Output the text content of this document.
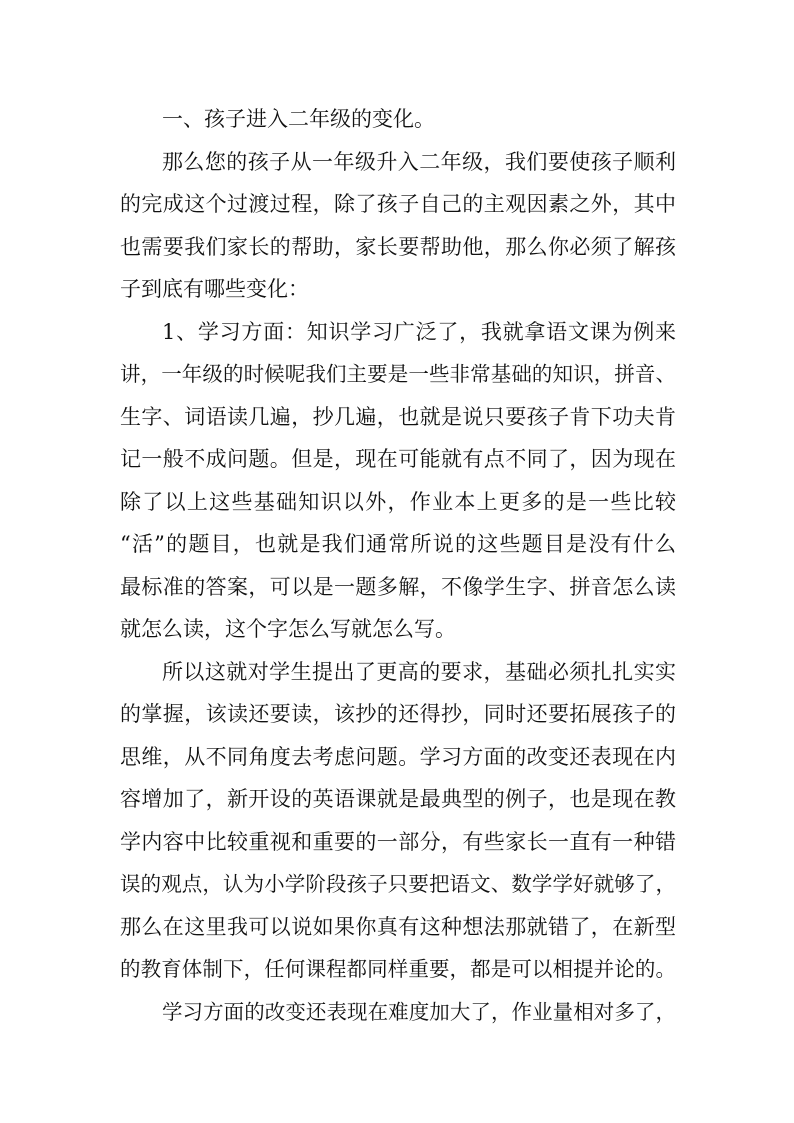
一、孩子进入二年级的变化。
那么您的孩子从一年级升入二年级，我们要使孩子顺利
的完成这个过渡过程，除了孩子自己的主观因素之外，其中
也需要我们家长的帮助，家长要帮助他，那么你必须了解孩
子到底有哪些变化：
1、学习方面：知识学习广泛了，我就拿语文课为例来
讲，一年级的时候呢我们主要是一些非常基础的知识，拼音、
生字、词语读几遍，抄几遍，也就是说只要孩子肯下功夫肯
记一般不成问题。但是，现在可能就有点不同了，因为现在
除了以上这些基础知识以外，作业本上更多的是一些比较
“活”的题目，也就是我们通常所说的这些题目是没有什么
最标准的答案，可以是一题多解，不像学生字、拼音怎么读
就怎么读，这个字怎么写就怎么写。
所以这就对学生提出了更高的要求，基础必须扎扎实实
的掌握，该读还要读，该抄的还得抄，同时还要拓展孩子的
思维，从不同角度去考虑问题。学习方面的改变还表现在内
容增加了，新开设的英语课就是最典型的例子，也是现在教
学内容中比较重视和重要的一部分，有些家长一直有一种错
误的观点，认为小学阶段孩子只要把语文、数学学好就够了，
那么在这里我可以说如果你真有这种想法那就错了，在新型
的教育体制下，任何课程都同样重要，都是可以相提并论的。
学习方面的改变还表现在难度加大了，作业量相对多了，
